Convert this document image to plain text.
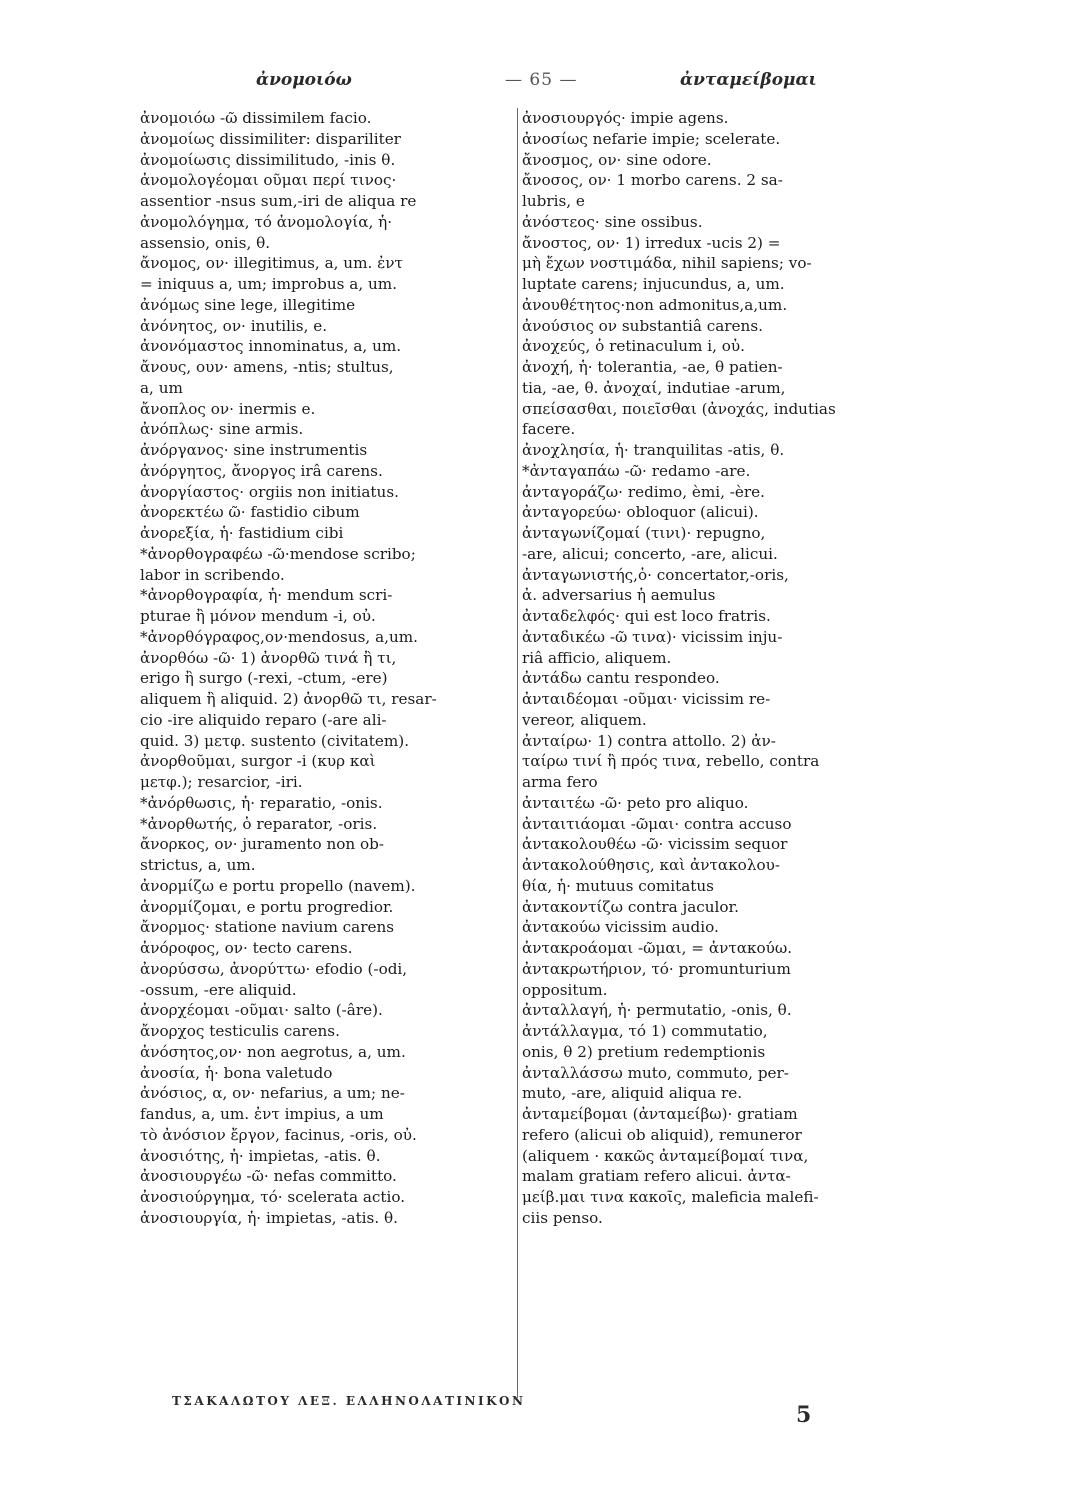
ἀνομοιόω	— 65 —	ἀνταμείβομαι
ἀνομοιόω -ῶ dissimilem facio.
ἀνομοίως dissimiliter: dispariliter
ἀνομοίωσις dissimilitudo, -inis θ.
ἀνομολογέομαι οῦμαι περί τινος·
assentior -nsus sum,-iri de aliqua re
ἀνομολόγημα, τό ἀνομολογία, ἡ·
assensio, onis, θ.
ἄνομος, ον· illegitimus, a, um. ἐντ
= iniquus a, um; improbus a, um.
ἀνόμως sine lege, illegitime
ἀνόνητος, ον· inutilis, e.
ἀνονόμαστος innominatus, a, um.
ἄνους, ουν· amens, -ntis; stultus,
a, um
ἄνοπλος ον· inermis e.
ἀνόπλως· sine armis.
ἀνόργανος· sine instrumentis
ἀνόργητος, ἄνοργος irâ carens.
ἀνοργίαστος· orgiis non initiatus.
ἀνορεκτέω ῶ· fastidio cibum
ἀνορεξία, ἡ· fastidium cibi
*ἀνορθογραφέω -ῶ·mendose scribo;
labor in scribendo.
*ἀνορθογραφία, ἡ· mendum scri-
pturae ἢ μόνον mendum -i, οὐ.
*ἀνορθόγραφος,ον·mendosus, a,um.
ἀνορθόω -ῶ· 1) ἀνορθῶ τινά ἢ τι,
erigo ἢ surgo (-rexi, -ctum, -ere)
aliquem ἢ aliquid. 2) ἀνορθῶ τι, resar-
cio -ire aliquido reparo (-are ali-
quid. 3) μετφ. sustento (civitatem).
ἀνορθοῦμαι, surgor -i (κυρ καὶ
μετφ.); resarcior, -iri.
*ἀνόρθωσις, ἡ· reparatio, -onis.
*ἀνορθωτής, ὁ reparator, -oris.
ἄνορκος, ον· juramento non ob-
strictus, a, um.
ἀνορμίζω e portu propello (navem).
ἀνορμίζομαι, e portu progredior.
ἄνορμος· statione navium carens
ἀνόροφος, ον· tecto carens.
ἀνορύσσω, ἀνορύττω· efodio (-odi,
-ossum, -ere aliquid.
ἀνορχέομαι -οῦμαι· salto (-âre).
ἄνορχος testiculis carens.
ἀνόσητος,ον· non aegrotus, a, um.
ἀνοσία, ἡ· bona valetudo
ἀνόσιος, α, ον· nefarius, a um; ne-
fandus, a, um. ἐντ impius, a um
τὸ ἀνόσιον ἔργον, facinus, -oris, οὐ.
ἀνοσιότης, ἡ· impietas, -atis. θ.
ἀνοσιουργέω -ῶ· nefas committo.
ἀνοσιούργημα, τό· scelerata actio.
ἀνοσιουργία, ἡ· impietas, -atis. θ.
ἀνοσιουργός· impie agens.
ἀνοσίως nefarie impie; scelerate.
ἄνοσμος, ον· sine odore.
ἄνοσος, ον· 1 morbo carens. 2 sa-
lubris, e
ἀνόστεος· sine ossibus.
ἄνοστος, ον· 1) irredux -ucis 2) =
μὴ ἔχων νοστιμάδα, nihil sapiens; vo-
luptate carens; injucundus, a, um.
ἀνουθέτητος·non admonitus,a,um.
ἀνούσιος ον substantiâ carens.
ἀνοχεύς, ὁ retinaculum i, οὐ.
ἀνοχή, ἡ· tolerantia, -ae, θ patien-
tia, -ae, θ. ἀνοχαί, indutiae -arum,
σπείσασθαι, ποιεῖσθαι (ἀνοχάς, indutias
facere.
ἀνοχλησία, ἡ· tranquilitas -atis, θ.
*ἀνταγαπάω -ῶ· redamo -are.
ἀνταγοράζω· redimo, èmi, -ère.
ἀνταγορεύω· obloquor (alicui).
ἀνταγωνίζομαί (τινι)· repugno,
-are, alicui; concerto, -are, alicui.
ἀνταγωνιστής,ὁ· concertator,-oris,
ἀ. adversarius ἡ aemulus
ἀνταδελφός· qui est loco fratris.
ἀνταδικέω -ῶ τινα)· vicissim inju-
riâ afficio, aliquem.
ἀντάδω cantu respondeo.
ἀνταιδέομαι -οῦμαι· vicissim re-
vereor, aliquem.
ἀνταίρω· 1) contra attollo. 2) ἀν-
ταίρω τινί ἢ πρός τινα, rebello, contra
arma fero
ἀνταιτέω -ῶ· peto pro aliquo.
ἀνταιτιάομαι -ῶμαι· contra accuso
ἀντακολουθέω -ῶ· vicissim sequor
ἀντακολούθησις, καὶ ἀντακολου-
θία, ἡ· mutuus comitatus
ἀντακοντίζω contra jaculor.
ἀντακούω vicissim audio.
ἀντακροάομαι -ῶμαι, = ἀντακούω.
ἀντακρωτήριον, τό· promunturium
oppositum.
ἀνταλλαγή, ἡ· permutatio, -onis, θ.
ἀντάλλαγμα, τό 1) commutatio,
onis, θ 2) pretium redemptionis
ἀνταλλάσσω muto, commuto, per-
muto, -are, aliquid aliqua re.
ἀνταμείβομαι (ἀνταμείβω)· gratiam
refero (alicui ob aliquid), remuneror
(aliquem · κακῶς ἀνταμείβομαί τινα,
malam gratiam refero alicui. ἀντα-
μείβ.μαι τινα κακοῖς, maleficia malefi-
ciis penso.
ΤΣΑΚΑΛΩΤΟΥ ΛΕΞ. ΕΛΛΗΝΟΛΑΤΙΝΙΚΟΝ
5
